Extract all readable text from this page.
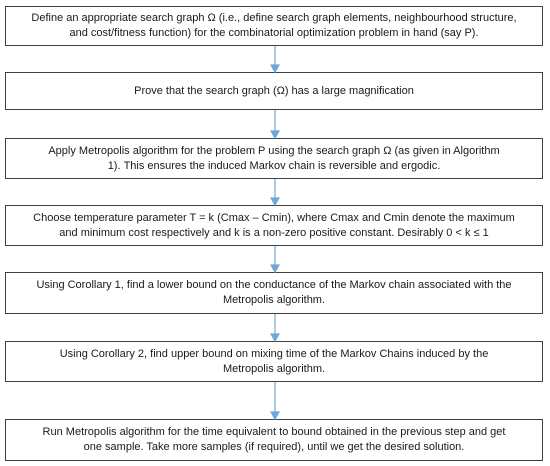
Define an appropriate search graph Ω (i.e., define search graph elements, neighbourhood structure,
and cost/fitness function) for the combinatorial optimization problem in hand (say P).
Prove that the search graph (Ω) has a large magnification
Apply Metropolis algorithm for the problem P using the search graph Ω (as given in Algorithm
1). This ensures the induced Markov chain is reversible and ergodic.
Choose temperature parameter T = k (Cmax – Cmin), where Cmax and Cmin denote the maximum
and minimum cost respectively and k is a non-zero positive constant. Desirably 0 < k ≤ 1
Using Corollary 1, find a lower bound on the conductance of the Markov chain associated with the
Metropolis algorithm.
Using Corollary 2, find upper bound on mixing time of the Markov Chains induced by the
Metropolis algorithm.
Run Metropolis algorithm for the time equivalent to bound obtained in the previous step and get
one sample. Take more samples (if required), until we get the desired solution.
